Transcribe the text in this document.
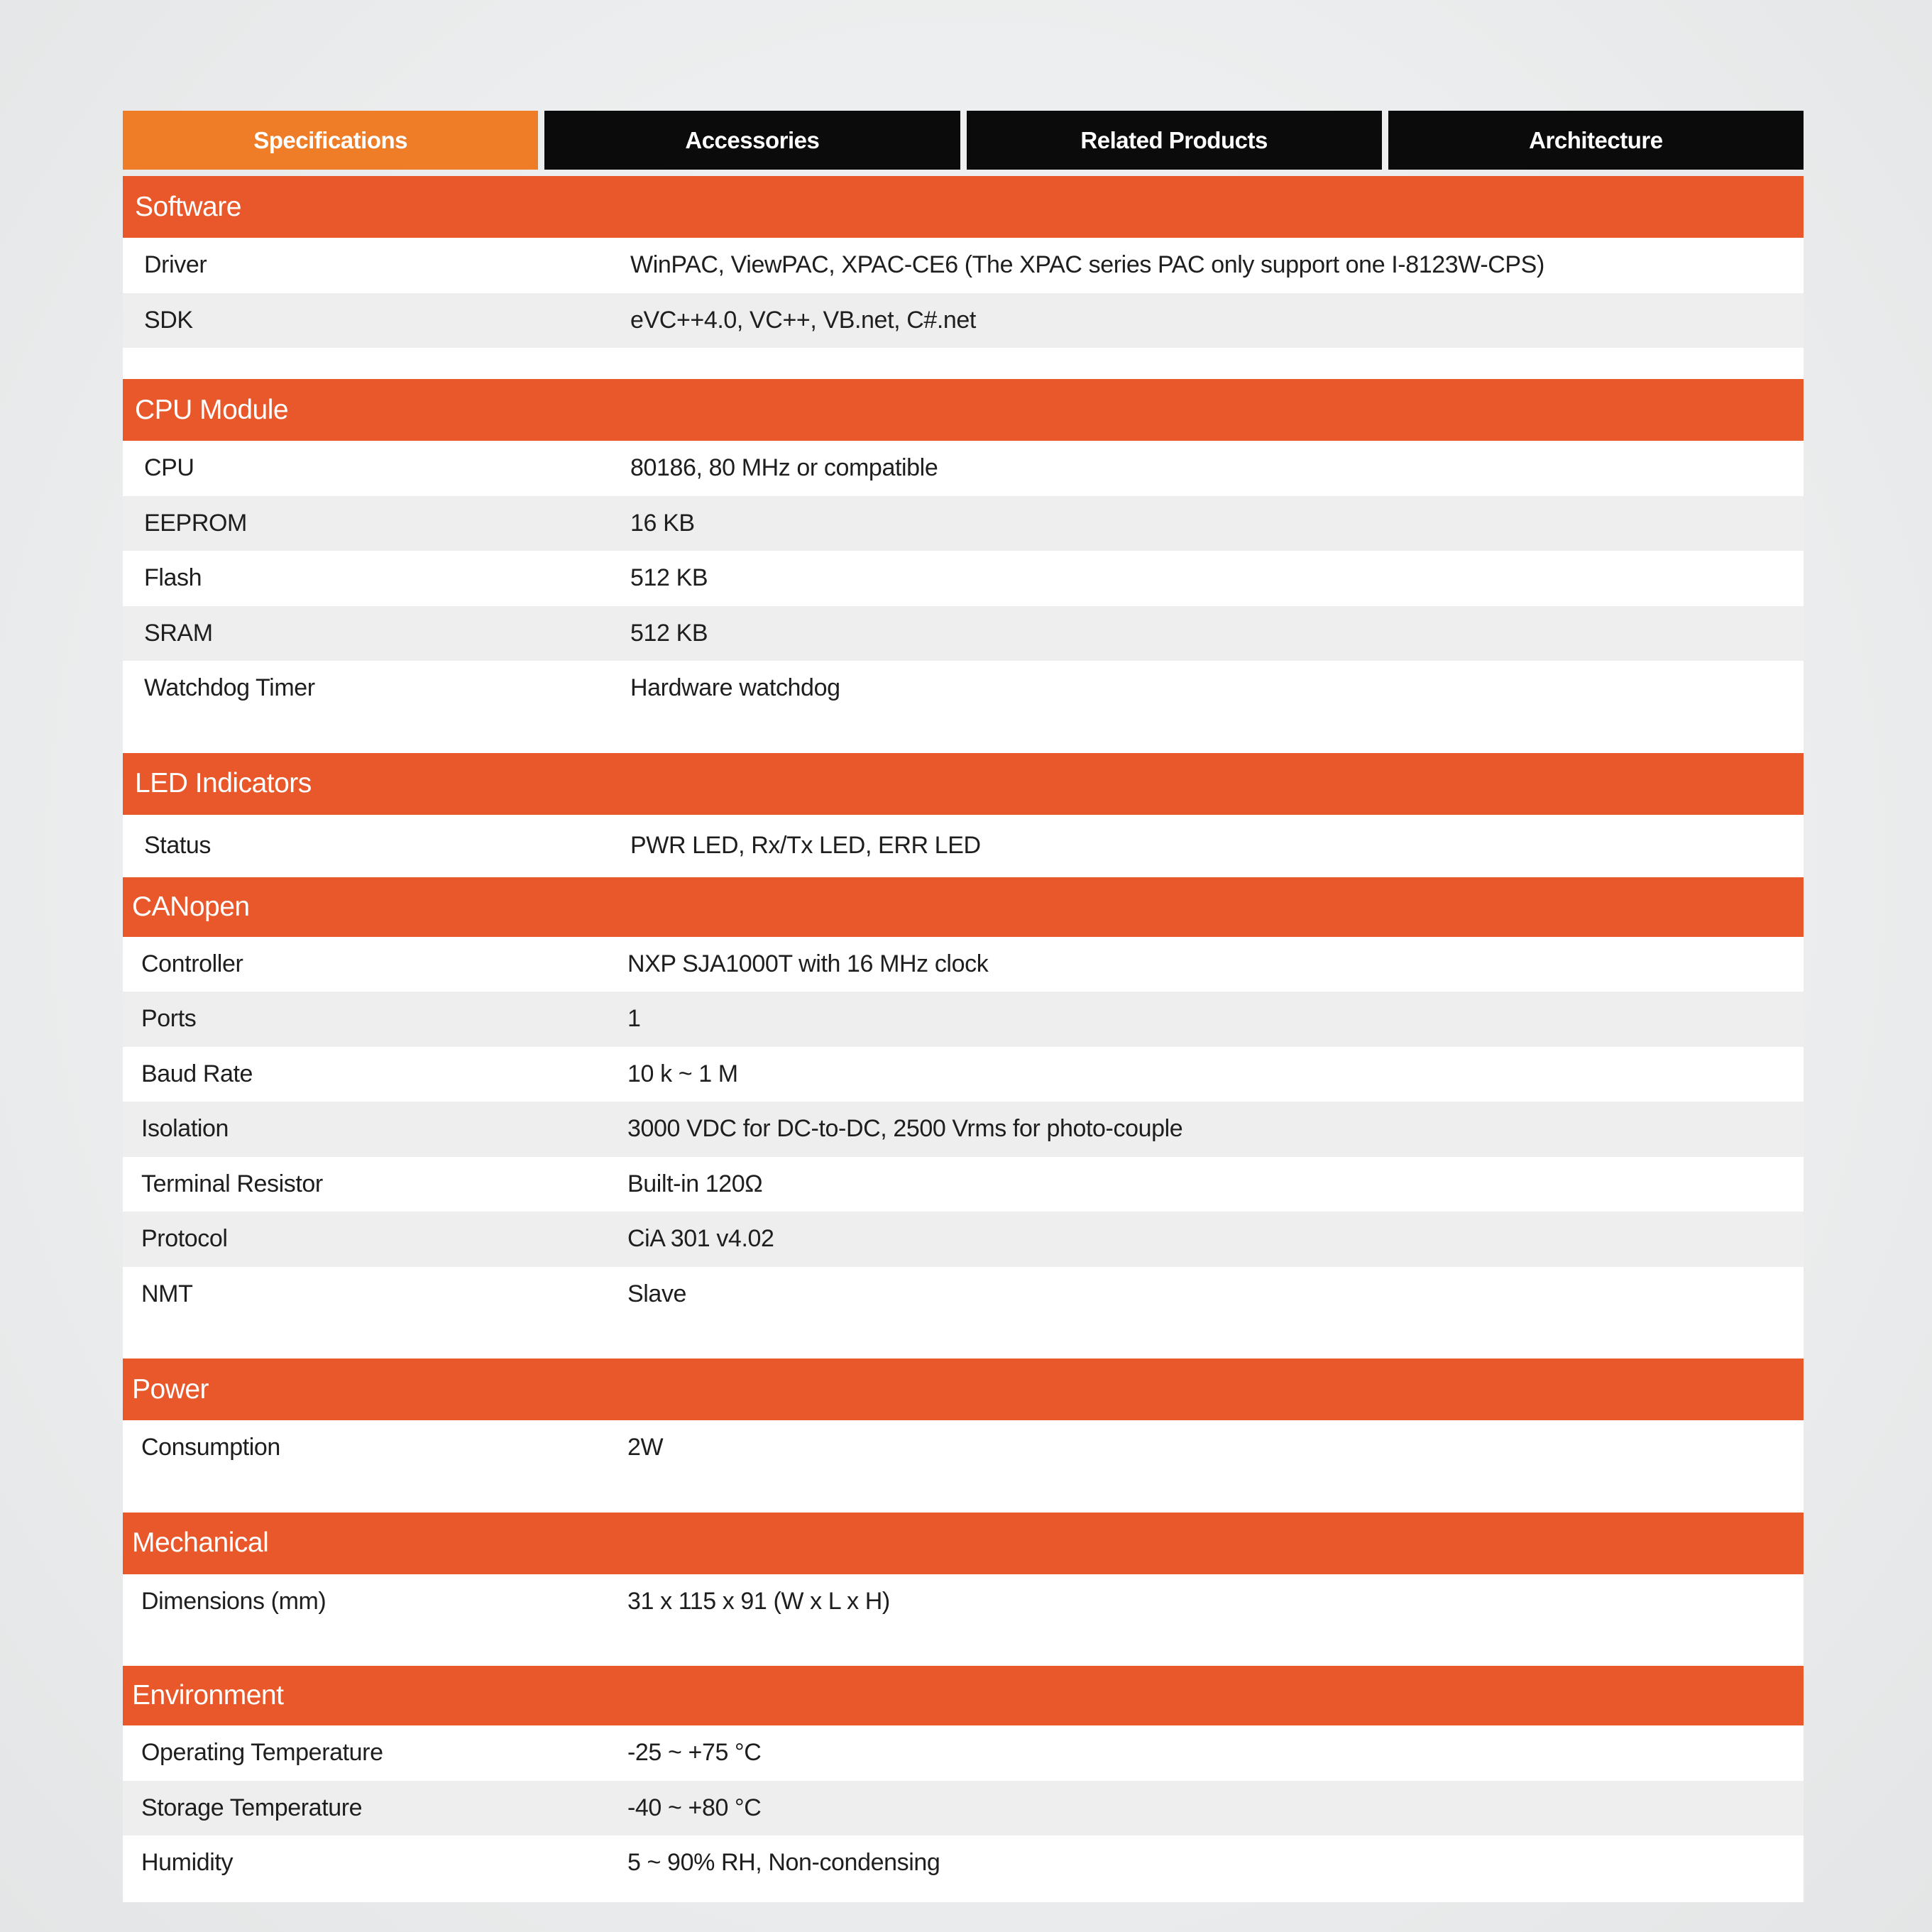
Specifications	Accessories	Related Products	Architecture
Software
Driver	WinPAC, ViewPAC, XPAC-CE6 (The XPAC series PAC only support one I-8123W-CPS)
SDK	eVC++4.0, VC++, VB.net, C#.net
CPU Module
CPU	80186, 80 MHz or compatible
EEPROM	16 KB
Flash	512 KB
SRAM	512 KB
Watchdog Timer	Hardware watchdog
LED Indicators
Status	PWR LED, Rx/Tx LED, ERR LED
CANopen
Controller	NXP SJA1000T with 16 MHz clock
Ports	1
Baud Rate	10 k ~ 1 M
Isolation	3000 VDC for DC-to-DC, 2500 Vrms for photo-couple
Terminal Resistor	Built-in 120Ω
Protocol	CiA 301 v4.02
NMT	Slave
Power
Consumption	2W
Mechanical
Dimensions (mm)	31 x 115 x 91 (W x L x H)
Environment
Operating Temperature	-25 ~ +75 °C
Storage Temperature	-40 ~ +80 °C
Humidity	5 ~ 90% RH, Non-condensing
